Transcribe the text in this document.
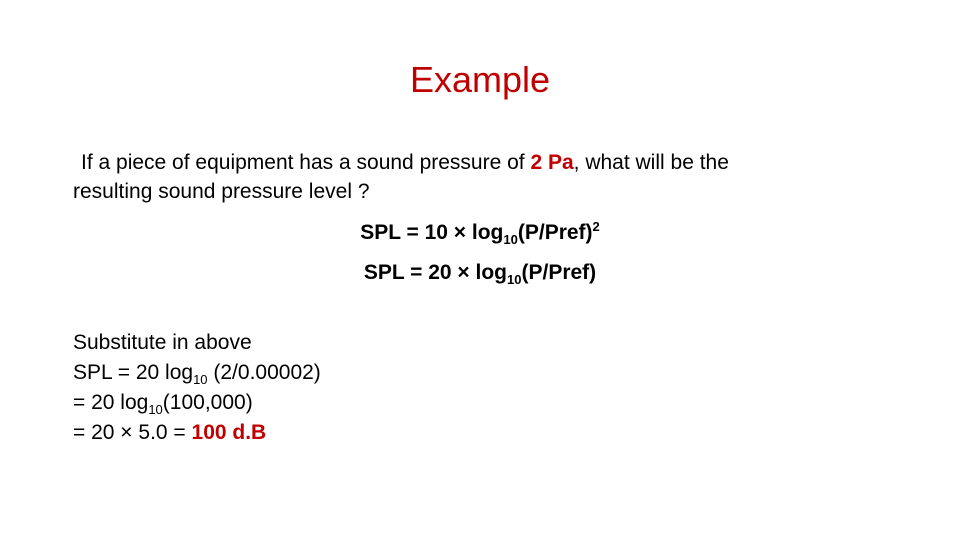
Example
If a piece of equipment has a sound pressure of 2 Pa, what will be the
resulting sound pressure level ?
SPL = $10 \times \log_{10}(P/Pref)^2$
SPL = $20 \times \log_{10}(P/Pref)$
Substitute in above
SPL = 20 $\log_{10} (2/0.00002)$
= 20 $\log_{10}(100,000)$
= 20 × 5.0 = 100 d.B
